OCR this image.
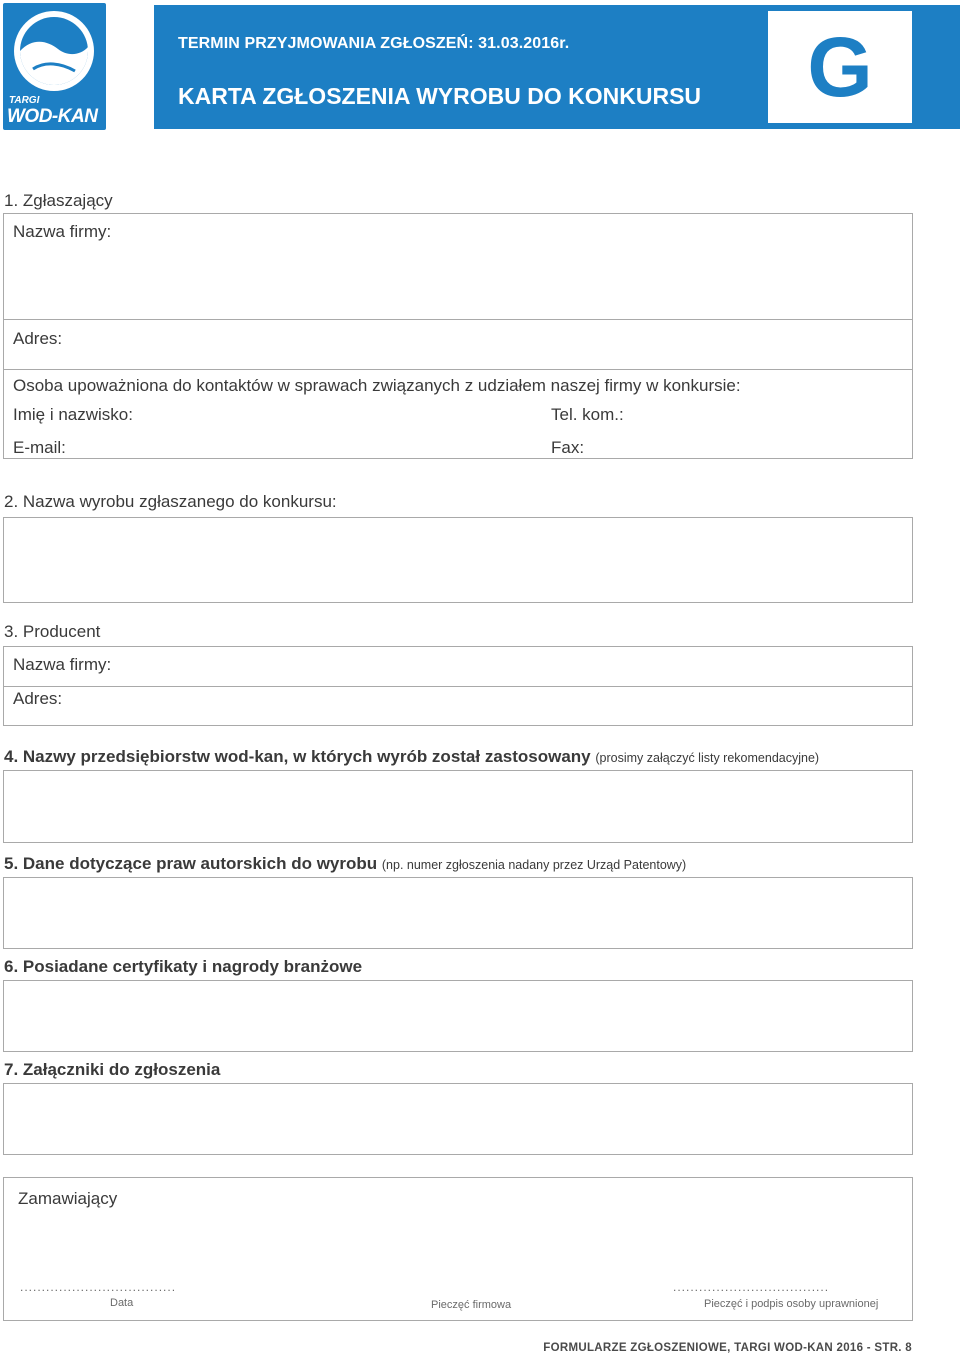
TARGI
WOD-KAN
TERMIN PRZYJMOWANIA ZGŁOSZEŃ: 31.03.2016r.
KARTA ZGŁOSZENIA WYROBU DO KONKURSU G
1. Zgłaszający
Nazwa firmy:
Adres:
Osoba upoważniona do kontaktów w sprawach związanych z udziałem naszej firmy w konkursie:
Imię i nazwisko:	Tel. kom.:
E-mail:	Fax:
2. Nazwa wyrobu zgłaszanego do konkursu:
3. Producent
Nazwa firmy:
Adres:
4. Nazwy przedsiębiorstw wod-kan, w których wyrób został zastosowany (prosimy załączyć listy rekomendacyjne)
5. Dane dotyczące praw autorskich do wyrobu (np. numer zgłoszenia nadany przez Urząd Patentowy)
6. Posiadane certyfikaty i nagrody branżowe
7. Załączniki do zgłoszenia
Zamawiający
....................................
Data	Pieczęć firmowa
....................................
Pieczęć i podpis osoby uprawnionej
FORMULARZE ZGŁOSZENIOWE, TARGI WOD-KAN 2016 - STR. 8
